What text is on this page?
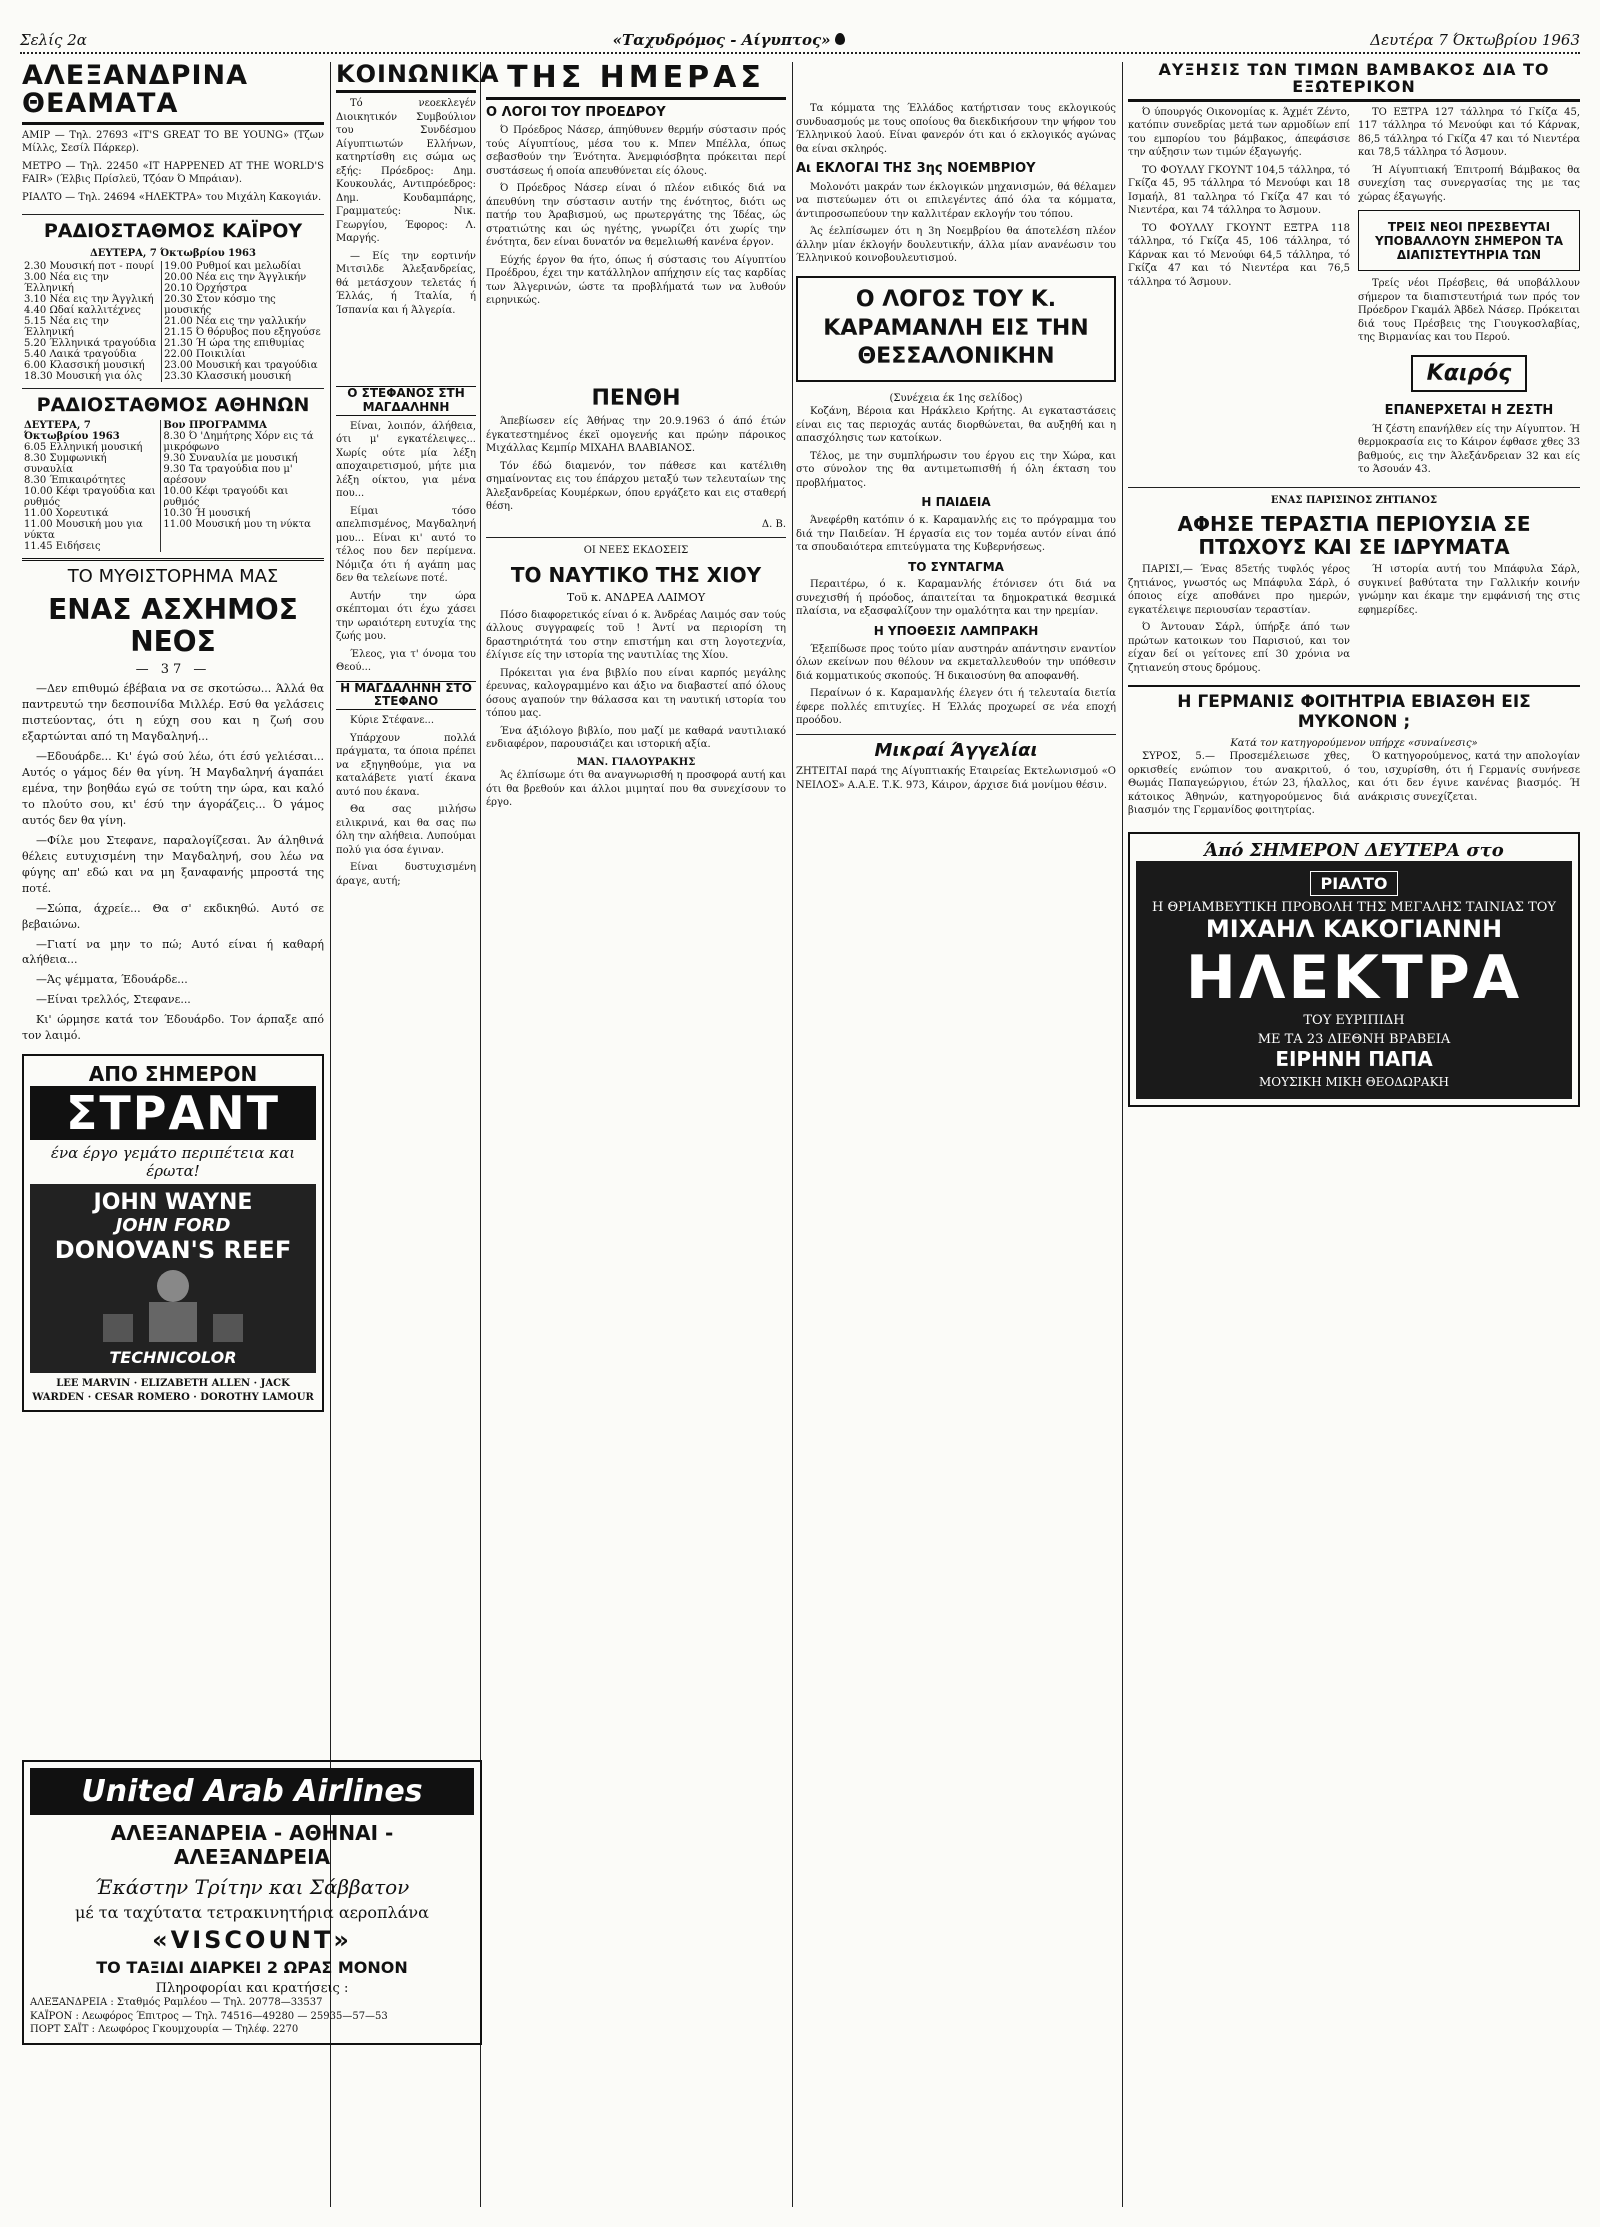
Σελίς 2α	«Ταχυδρόμος - Αίγυπτος»	Δευτέρα 7 Όκτωβρίου 1963
ΑΛΕΞΑΝΔΡΙΝΑ ΘΕΑΜΑΤΑ

ΑΜΙΡ — Τηλ. 27693 «IT'S GREAT TO BE YOUNG» (Τζων Μίλλς, Σεσίλ Πάρκερ).

ΜΕΤΡΟ — Τηλ. 22450 «IT HAPPENED AT THE WORLD'S FAIR» (Έλβις Πρίσλεϋ, Τζόαν Ό Μπράιαν).

ΡΙΑΛΤΟ — Τηλ. 24694 «ΗΛΕΚΤΡΑ» του Μιχάλη Κακογιάν.

ΡΑΔΙΟΣΤΑΘΜΟΣ ΚΑΪΡΟΥ
ΔΕΥΤΕΡΑ, 7 Όκτωβρίου 1963
2.30 Μουσική ποτ - πουρί
3.00 Νέα εις την Έλληνική
3.10 Νέα εις την Άγγλική
4.40 Ωδαί καλλιτέχνες
5.15 Νέα εις την Έλληνική
5.20 Έλληνικά τραγούδια
5.40 Λαικά τραγούδια
6.00 Κλασσική μουσική
18.30 Μουσική για όλς

19.00 Ρυθμοί και μελωδίαι
20.00 Νέα εις την Άγγλικήν
20.10 Όρχήστρα
20.30 Στον κόσμο της μουσικής
21.00 Νέα εις την γαλλικήν
21.15 Ό θόρυβος που εξηγούσε
21.30 Ή ώρα της επιθυμίας
22.00 Ποικιλίαι
23.00 Μουσική και τραγούδια
23.30 Κλασσική μουσική
ΡΑΔΙΟΣΤΑΘΜΟΣ ΑΘΗΝΩΝ
ΔΕΥΤΕΡΑ, 7 Όκτωβρίου 1963
6.05 Ελληνική μουσική
8.30 Συμφωνική συναυλία
8.30 Έπικαιρότητες
10.00 Κέφι τραγούδια και ρυθμός
11.00 Χορευτικά
11.00 Μουσική μου για νύκτα
11.45 Ειδήσεις

Βον ΠΡΟΓΡΑΜΜΑ
8.30 Ό 'Δημήτρης Χόρν εις τά μικρόφωνο
9.30 Συναυλία με μουσική
9.30 Τα τραγούδια που μ' αρέσουν
10.00 Κέφι τραγούδι και ρυθμός
10.30 Ή μουσική
11.00 Μουσική μου τη νύκτα
ΤΟ ΜΥΘΙΣΤΟΡΗΜΑ ΜΑΣ
ΕΝΑΣ ΑΣΧΗΜΟΣ ΝΕΟΣ
— 37 —

—Δεν επιθυμώ έβέβαια να σε σκοτώσω... Άλλά θα παντρευτώ την δεσποινίδα Μιλλέρ. Εσύ θα γελάσεις πιστεύοντας, ότι η εύχη σου και η ζωή σου εξαρτώνται από τη Μαγδαληνή...

—Εδουάρδε... Κι' έγώ σού λέω, ότι έσύ γελιέσαι... Αυτός ο γάμος δέν θα γίνη. Ή Μαγδαληνή άγαπάει εμένα, την βοηθάω εγώ σε τούτη την ώρα, και καλό το πλούτο σου, κι' έσύ την άγοράζεις... Ό γάμος αυτός δεν θα γίνη.

—Φίλε μου Στεφανε, παραλογίζεσαι. Άν άληθινά θέλεις ευτυχισμένη την Μαγδαληνή, σου λέω να φύγης απ' εδώ και να μη ξαναφανής μπροστά της ποτέ.

—Σώπα, άχρείε... Θα σ' εκδικηθώ. Αυτό σε βεβαιώνω.

—Γιατί να μην το πώ; Αυτό είναι ή καθαρή αλήθεια...

—Άς ψέμματα, Έδουάρδε...

—Είναι τρελλός, Στεφανε...

Κι' ώρμησε κατά τον Έδουάρδο. Τον άρπαξε από τον λαιμό.

ΑΠΟ ΣΗΜΕΡΟΝ
ΣΤΡΑΝΤ
ένα έργο γεμάτο περιπέτεια και έρωτα!
JOHN WAYNE
JOHN FORD
DONOVAN'S REEF
TECHNICOLOR
LEE MARVIN · ELIZABETH ALLEN · JACK WARDEN · CESAR ROMERO · DOROTHY LAMOUR
ΚΟΙΝΩΝΙΚΑ

Τό νεοεκλεγέν Διοικητικόν Συμβούλιον του Συνδέσμου Αίγυπτιωτών Ελλήνων, κατηρτίσθη εις σώμα ως εξής: Πρόεδρος: Δημ. Κουκουλάς, Αντιπρόεδρος: Δημ. Κουδαμπάρης, Γραμματεύς: Νικ. Γεωργίου, Έφορος: Λ. Μαργής.

— Είς την εορτινήν Μιτσιλδε Άλεξανδρείας, θά μετάσχουν τελετάς ή Έλλάς, ή Ίταλία, ή Ίσπανία και ή Άλγερία.

Ο ΣΤΕΦΑΝΟΣ ΣΤΗ ΜΑΓΔΑΛΗΝΗ

Είναι, λοιπόν, άλήθεια, ότι μ' εγκατέλειψες... Χωρίς ούτε μία λέξη αποχαιρετισμού, μήτε μια λέξη οίκτου, για μένα που...

Είμαι τόσο απελπισμένος, Μαγδαληνή μου... Είναι κι' αυτό το τέλος που δεν περίμενα. Νόμιζα ότι ή αγάπη μας δεν θα τελείωνε ποτέ.

Αυτήν την ώρα σκέπτομαι ότι έχω χάσει την ωραιότερη ευτυχία της ζωής μου.

Έλεος, για τ' όνομα του Θεού...

Η ΜΑΓΔΑΛΗΝΗ ΣΤΟ ΣΤΕΦΑΝΟ

Κύριε Στέφανε...

Υπάρχουν πολλά πράγματα, τα όποια πρέπει να εξηγηθούμε, για να καταλάβετε γιατί έκανα αυτό που έκανα.

Θα σας μιλήσω ειλικρινά, και θα σας πω όλη την αλήθεια. Λυπούμαι πολύ για όσα έγιναν.

Είναι δυστυχισμένη άραγε, αυτή;

ΠΕΝΘΗ

Άπεβίωσεν είς Άθήνας την 20.9.1963 ό άπό έτών έγκατεστημένος έκεϊ ομογενής και πρώην πάροικος Μιχάλλας Κεμπίρ ΜΙΧΑΗΛ ΒΛΑΒΙΑΝΟΣ.

Τόν έδώ διαμενόν, τον πάθεσε και κατέλιθη σημαίνοντας εις του έπάρχου μεταξύ των τελευταίων της Άλεξανδρείας Κουμέρκων, όπου εργάζετο και εις σταθερή θέση.

Δ. Β.
ΟΙ ΝΕΕΣ ΕΚΔΟΣΕΙΣ
ΤΟ ΝΑΥΤΙΚΟ ΤΗΣ ΧΙΟΥ
Τοϋ κ. ΑΝΔΡΕΑ ΛΑΙΜΟΥ

Πόσο διαφορετικός είναι ό κ. Άνδρέας Λαιμός σαν τούς άλλους συγγραφείς τοϋ ! Άντί να περιορίση τη δραστηριότητά του στην επιστήμη και στη λογοτεχνία, έλίγισε είς την ιστορία της ναυτιλίας της Χίου.

Πρόκειται για ένα βιβλίο που είναι καρπός μεγάλης έρευνας, καλογραμμένο και άξιο να διαβαστεί από όλους όσους αγαπούν την θάλασσα και τη ναυτική ιστορία του τόπου μας.

Ένα άξιόλογο βιβλίο, που μαζί με καθαρά ναυτιλιακό ενδιαφέρον, παρουσιάζει και ιστορική αξία.

ΜΑΝ. ΓΙΑΛΟΥΡΑΚΗΣ

Άς έλπίσωμε ότι θα αναγνωρισθή η προσφορά αυτή και ότι θα βρεθούν και άλλοι μιμηταί που θα συνεχίσουν το έργο.

United Arab Airlines
ΑΛΕΞΑΝΔΡΕΙΑ - ΑΘΗΝΑΙ - ΑΛΕΞΑΝΔΡΕΙΑ
Έκάστην Τρίτην και Σάββατον
μέ τα ταχύτατα τετρακινητήρια αεροπλάνα
«VISCOUNT»
ΤΟ ΤΑΞΙΔΙ ΔΙΑΡΚΕΙ 2 ΩΡΑΣ ΜΟΝΟΝ
Πληροφορίαι και κρατήσεις :
ΑΛΕΞΑΝΔΡΕΙΑ : Σταθμός Ραμλέου — Τηλ. 20778—33537
ΚΑΪΡΟΝ : Λεωφόρος Έπιτρος — Τηλ. 74516—49280 — 25935—57—53
ΠΟΡΤ ΣΑΪΤ : Λεωφόρος Γκουμχουρία — Τηλέφ. 2270
ΤΗΣ ΗΜΕΡΑΣ
Ο ΛΟΓΟΙ ΤΟΥ ΠΡΟΕΔΡΟΥ

Ό Πρόεδρος Νάσερ, άπηύθυνεν θερμήν σύστασιν πρός τούς Αίγυπτίους, μέσα του κ. Μπεν Μπέλλα, όπως σεβασθούν την Ένότητα. Άνεμφιόσβητα πρόκειται περί συστάσεως ή οποία απευθύνεται είς όλους.

Ό Πρόεδρος Νάσερ είναι ό πλέον ειδικός διά να άπευθύνη την σύστασιν αυτήν της ένότητος, διότι ως πατήρ του Άραβισμού, ως πρωτεργάτης της Ίδέας, ώς στρατιώτης και ώς ηγέτης, γνωρίζει ότι χωρίς την ένότητα, δεν είναι δυνατόν να θεμελιωθή κανένα έργον.

Εύχής έργον θα ήτο, όπως ή σύστασις του Αίγυπτίου Προέδρου, έχει την κατάλληλον απήχησιν είς τας καρδίας των Άλγερινών, ώστε τα προβλήματά των να λυθούν ειρηνικώς.

Τα κόμματα της Έλλάδος κατήρτισαν τους εκλογικούς συνδυασμούς με τους οποίους θα διεκδικήσουν την ψήφον του Έλληνικού λαού. Είναι φανερόν ότι και ό εκλογικός αγώνας θα είναι σκληρός.

Αι ΕΚΛΟΓΑΙ ΤΗΣ 3ης ΝΟΕΜΒΡΙΟΥ

Μολονότι μακράν των έκλογικών μηχανισμών, θά θέλαμεν να πιστεύωμεν ότι οι επιλεγέντες άπό όλα τα κόμματα, άντιπροσωπεύουν την καλλιτέραν εκλογήν του τόπου.

Άς έελπίσωμεν ότι η 3η Νοεμβρίου θα άποτελέση πλέον άλλην μίαν έκλογήν δουλευτικήν, άλλα μίαν ανανέωσιν του Έλληνικού κοινοβουλευτισμού.

Ο ΛΟΓΟΣ ΤΟΥ Κ. ΚΑΡΑΜΑΝΛΗ ΕΙΣ ΤΗΝ ΘΕΣΣΑΛΟΝΙΚΗΝ
(Συνέχεια έκ 1ης σελίδος)

Κοζάνη, Βέροια και Ηράκλειο Κρήτης. Αι εγκαταστάσεις είναι εις τας περιοχάς αυτάς διορθώνεται, θα αυξηθή και η απασχόλησις των κατοίκων.

Τέλος, με την συμπλήρωσιν του έργου εις την Χώρα, και στο σύνολον της θα αντιμετωπισθή ή όλη έκταση του προβλήματος.

Η ΠΑΙΔΕΙΑ

Άνεφέρθη κατόπιν ό κ. Καραμανλής εις το πρόγραμμα του διά την Παιδείαν. Ή έργασία εις τον τομέα αυτόν είναι άπό τα σπουδαιότερα επιτεύγματα της Κυβερνήσεως.

ΤΟ ΣΥΝΤΑΓΜΑ

Περαιτέρω, ό κ. Καραμανλής έτόνισεν ότι διά να συνεχισθή ή πρόοδος, άπαιτείται τα δημοκρατικά θεσμικά πλαίσια, να εξασφαλίζουν την ομαλότητα και την ηρεμίαν.

Η ΥΠΟΘΕΣΙΣ ΛΑΜΠΡΑΚΗ

Έξεπίδωσε προς τούτο μίαν αυστηράν απάντησιν εναντίον όλων εκείνων που θέλουν να εκμεταλλευθούν την υπόθεσιν διά κομματικούς σκοπούς. Ή δικαιοσύνη θα αποφανθή.

Περαίνων ό κ. Καραμανλής έλεγεν ότι ή τελευταία διετία έφερε πολλές επιτυχίες. Η Έλλάς προχωρεί σε νέα εποχή προόδου.

Μικραί Άγγελίαι

ΖΗΤΕΙΤΑΙ παρά της Αίγυπτιακής Εταιρείας Εκτελωνισμού «Ο ΝΕΙΛΟΣ» Α.Α.Ε. Τ.Κ. 973, Κάιρον, άρχισε διά μονίμου θέσιν.

ΑΥΞΗΣΙΣ ΤΩΝ ΤΙΜΩΝ ΒΑΜΒΑΚΟΣ ΔΙΑ ΤΟ ΕΞΩΤΕΡΙΚΟΝ

Ό ύπουργός Οικονομίας κ. Άχμέτ Ζέντο, κατόπιν συνεδρίας μετά των αρμοδίων επί του εμπορίου του βάμβακος, άπεφάσισε την αύξησιν των τιμών έξαγωγής.

ΤΟ ΦΟΥΛΛΥ ΓΚΟΥΝΤ 104,5 τάλληρα, τό Γκίζα 45, 95 τάλληρα τό Μενούφι και 18 Ισμαήλ, 81 ταλληρα τό Γκίζα 47 και τό Νιεντέρα, και 74 τάλληρα το Άσμουν.

ΤΟ ΦΟΥΛΛΥ ΓΚΟΥΝΤ ΕΞΤΡΑ 118 τάλληρα, τό Γκίζα 45, 106 τάλληρα, τό Κάρνακ και τό Μενούφι 64,5 τάλληρα, τό Γκίζα 47 και τό Νιεντέρα και 76,5 τάλληρα τό Άσμουν.

ΤΟ ΕΞΤΡΑ 127 τάλληρα τό Γκίζα 45, 117 τάλληρα τό Μενούφι και τό Κάρνακ, 86,5 τάλληρα τό Γκίζα 47 και τό Νιεντέρα και 78,5 τάλληρα τό Άσμουν.

Ή Αίγυπτιακή Έπιτροπή Βάμβακος θα συνεχίση τας συνεργασίας της με τας χώρας έξαγωγής.

ΤΡΕΙΣ ΝΕΟΙ ΠΡΕΣΒΕΥΤΑΙ ΥΠΟΒΑΛΛΟΥΝ ΣΗΜΕΡΟΝ ΤΑ ΔΙΑΠΙΣΤΕΥΤΗΡΙΑ ΤΩΝ

Τρείς νέοι Πρέσβεις, θά υποβάλλουν σήμερον τα διαπιστευτήριά των πρός τον Πρόεδρον Γκαμάλ Άβδελ Νάσερ. Πρόκειται διά τους Πρέσβεις της Γιουγκοσλαβίας, της Βιρμανίας και του Περού.

Καιρός
ΕΠΑΝΕΡΧΕΤΑΙ Η ΖΕΣΤΗ

Ή ζέστη επανήλθεν είς την Αίγυπτον. Ή θερμοκρασία εις το Κάιρον έφθασε χθες 33 βαθμούς, εις την Άλεξάνδρειαν 32 και είς το Άσουάν 43.

ΕΝΑΣ ΠΑΡΙΣΙΝΟΣ ΖΗΤΙΑΝΟΣ
ΑΦΗΣΕ ΤΕΡΑΣΤΙΑ ΠΕΡΙΟΥΣΙΑ ΣΕ ΠΤΩΧΟΥΣ ΚΑΙ ΣΕ ΙΔΡΥΜΑΤΑ

ΠΑΡΙΣΙ,— Ένας 85ετής τυφλός γέρος ζητιάνος, γνωστός ως Μπάφυλα Σάρλ, ό όποιος είχε αποθάνει προ ημερών, εγκατέλειψε περιουσίαν τεραστίαν.

Ό Άντουαν Σάρλ, ύπήρξε άπό των πρώτων κατοικων του Παρισιού, και τον είχαν δεί οι γείτονες επί 30 χρόνια να ζητιανεύη στους δρόμους.

Ή ιστορία αυτή του Μπάφυλα Σάρλ, συγκινεί βαθύτατα την Γαλλικήν κοινήν γνώμην και έκαμε την εμφάνισή της στις εφημερίδες.

Η ΓΕΡΜΑΝΙΣ ΦΟΙΤΗΤΡΙΑ ΕΒΙΑΣΘΗ ΕΙΣ ΜΥΚΟΝΟΝ ;
Κατά τον κατηγορούμενον υπήρχε «συναίνεσις»

ΣΥΡΟΣ, 5.— Προσεμέλειωσε χθες, ορκισθείς ενώπιον του ανακριτού, ό Θωμάς Παπαγεώργιου, έτών 23, ήλαλλος, κάτοικος Άθηνών, κατηγορούμενος διά βιασμόν της Γερμανίδος φοιτητρίας.

Ό κατηγορούμενος, κατά την απολογίαν του, ισχυρίσθη, ότι ή Γερμανίς συνήνεσε και ότι δεν έγινε κανένας βιασμός. Ή ανάκρισις συνεχίζεται.

Άπό ΣΗΜΕΡΟΝ ΔΕΥΤΕΡΑ στο
ΡΙΑΛΤΟ
Η ΘΡΙΑΜΒΕΥΤΙΚΗ ΠΡΟΒΟΛΗ ΤΗΣ ΜΕΓΑΛΗΣ ΤΑΙΝΙΑΣ ΤΟΥ
ΜΙΧΑΗΛ ΚΑΚΟΓΙΑΝΝΗ
ΗΛΕΚΤΡΑ
ΤΟΥ ΕΥΡΙΠΙΔΗ
ΜΕ ΤΑ 23 ΔΙΕΘΝΗ ΒΡΑΒΕΙΑ
ΕΙΡΗΝΗ ΠΑΠΑ
ΜΟΥΣΙΚΗ ΜΙΚΗ ΘΕΟΔΩΡΑΚΗ
